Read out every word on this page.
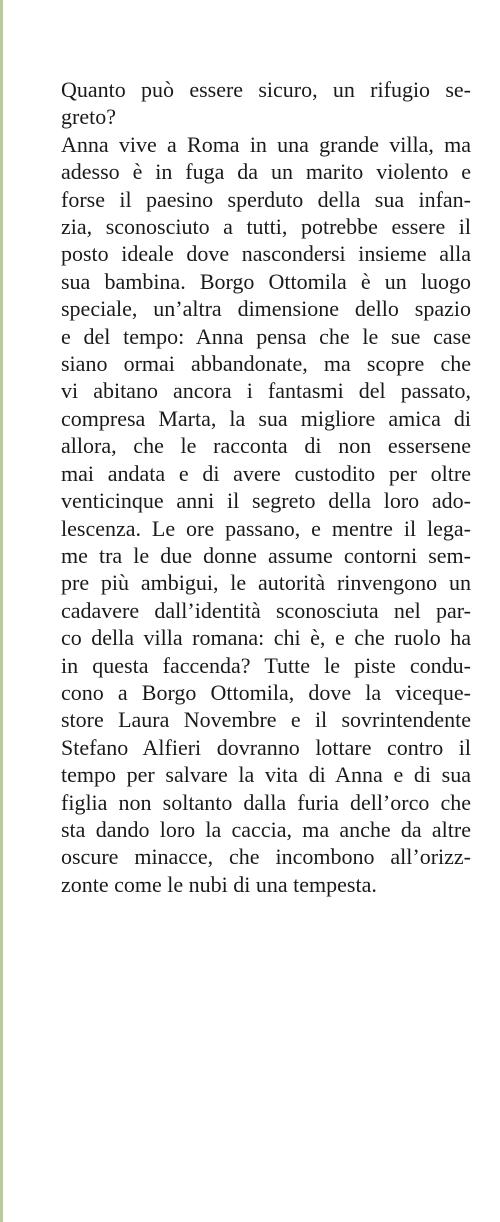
Quanto può essere sicuro, un rifugio se-
greto?
Anna vive a Roma in una grande villa, ma
adesso è in fuga da un marito violento e
forse il paesino sperduto della sua infan-
zia, sconosciuto a tutti, potrebbe essere il
posto ideale dove nascondersi insieme alla
sua bambina. Borgo Ottomila è un luogo
speciale, un’altra dimensione dello spazio
e del tempo: Anna pensa che le sue case
siano ormai abbandonate, ma scopre che
vi abitano ancora i fantasmi del passato,
compresa Marta, la sua migliore amica di
allora, che le racconta di non essersene
mai andata e di avere custodito per oltre
venticinque anni il segreto della loro ado-
lescenza. Le ore passano, e mentre il lega-
me tra le due donne assume contorni sem-
pre più ambigui, le autorità rinvengono un
cadavere dall’identità sconosciuta nel par-
co della villa romana: chi è, e che ruolo ha
in questa faccenda? Tutte le piste condu-
cono a Borgo Ottomila, dove la viceque-
store Laura Novembre e il sovrintendente
Stefano Alfieri dovranno lottare contro il
tempo per salvare la vita di Anna e di sua
figlia non soltanto dalla furia dell’orco che
sta dando loro la caccia, ma anche da altre
oscure minacce, che incombono all’orizz-
zonte come le nubi di una tempesta.
